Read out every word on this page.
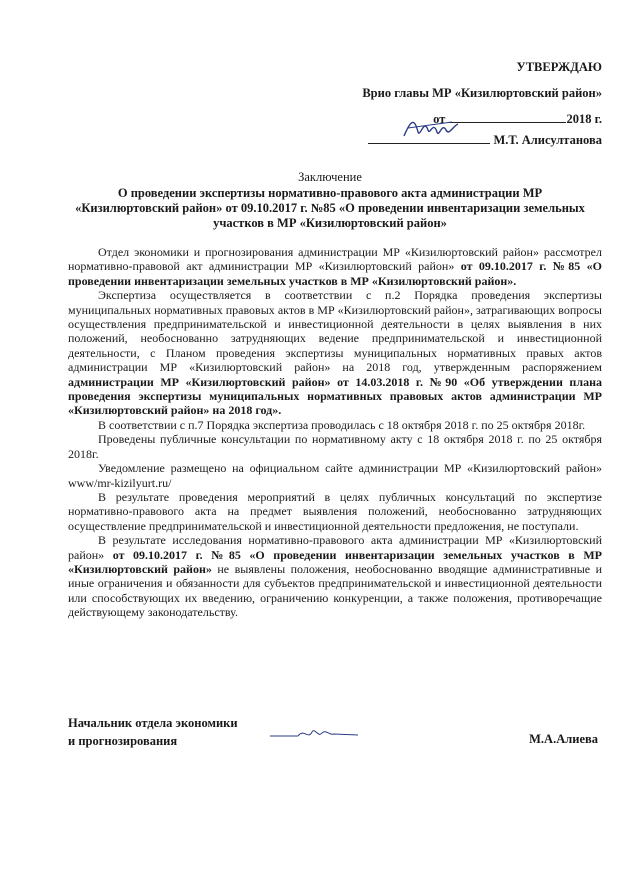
УТВЕРЖДАЮ
Врио главы МР «Кизилюртовский район»
от	2018 г.
М.Т. Алисултанова
Заключение
О проведении экспертизы нормативно-правового акта администрации МР «Кизилюртовский район» от 09.10.2017 г. №85 «О проведении инвентаризации земельных участков в МР «Кизилюртовский район»

Отдел экономики и прогнозирования администрации МР «Кизилюртовский район» рассмотрел нормативно-правовой акт администрации МР «Кизилюртовский район» от 09.10.2017 г. №85 «О проведении инвентаризации земельных участков в МР «Кизилюртовский район».

Экспертиза осуществляется в соответствии с п.2 Порядка проведения экспертизы муниципальных нормативных правовых актов в МР «Кизилюртовский район», затрагивающих вопросы осуществления предпринимательской и инвестиционной деятельности в целях выявления в них положений, необоснованно затрудняющих ведение предпринимательской и инвестиционной деятельности, с Планом проведения экспертизы муниципальных нормативных правых актов администрации МР «Кизилюртовский район» на 2018 год, утвержденным распоряжением администрации МР «Кизилюртовский район» от 14.03.2018 г. №90 «Об утверждении плана проведения экспертизы муниципальных нормативных правовых актов администрации МР «Кизилюртовский район» на 2018 год».

В соответствии с п.7 Порядка экспертиза проводилась с 18 октября 2018 г. по 25 октября 2018г.

Проведены публичные консультации по нормативному акту с 18 октября 2018 г. по 25 октября 2018г.

Уведомление размещено на официальном сайте администрации МР «Кизилюртовский район» www/mr-kizilyurt.ru/

В результате проведения мероприятий в целях публичных консультаций по экспертизе нормативно-правового акта на предмет выявления положений, необоснованно затрудняющих осуществление предпринимательской и инвестиционной деятельности предложения, не поступали.

В результате исследования нормативно-правового акта администрации МР «Кизилюртовский район» от 09.10.2017 г. №85 «О проведении инвентаризации земельных участков в МР «Кизилюртовский район» не выявлены положения, необоснованно вводящие административные и иные ограничения и обязанности для субъектов предпринимательской и инвестиционной деятельности или способствующих их введению, ограничению конкуренции, а также положения, противоречащие действующему законодательству.

Начальник отдела экономики
и прогнозирования	М.А.Алиева
